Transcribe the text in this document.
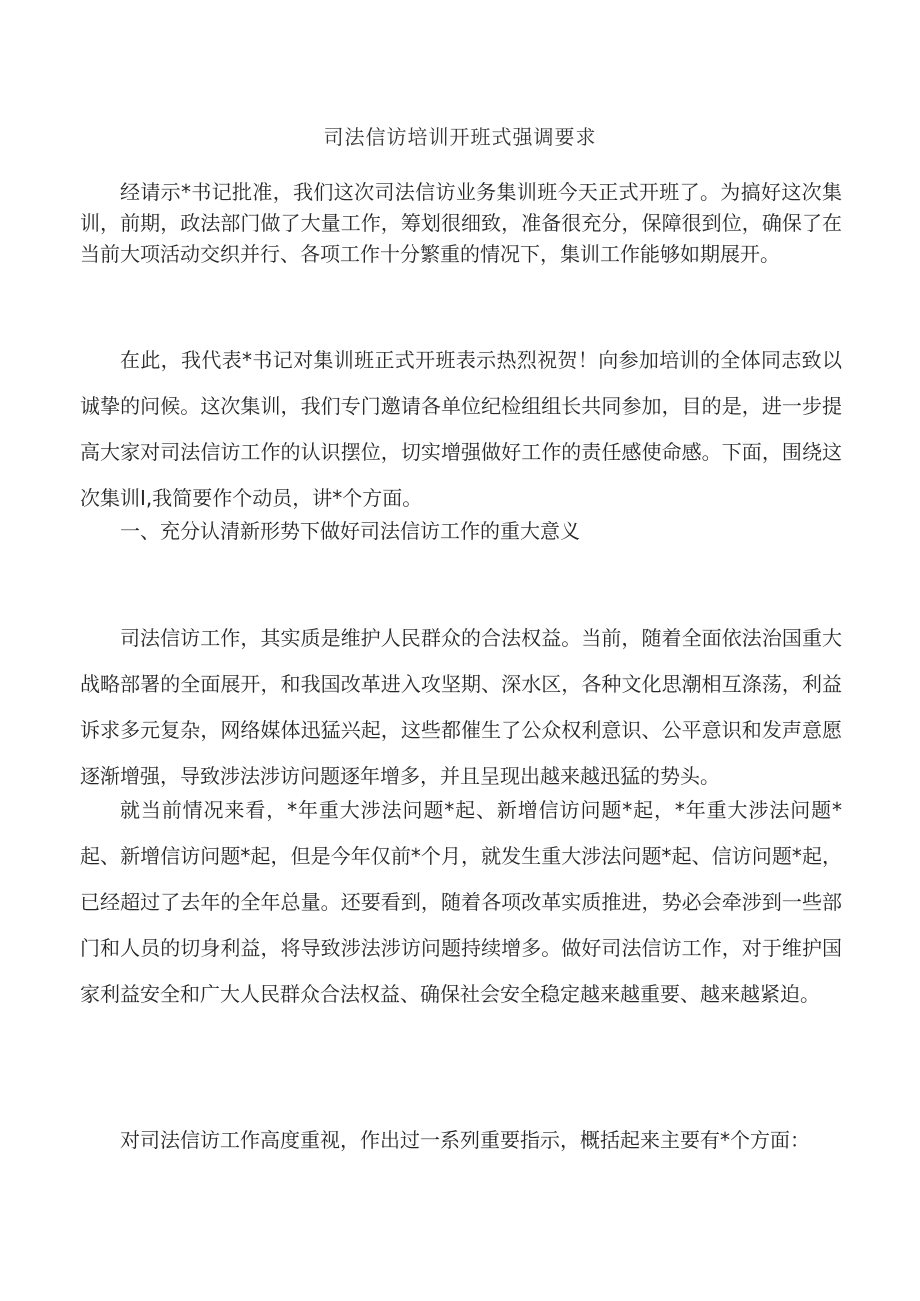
司法信访培训开班式强调要求

经请示*书记批准，我们这次司法信访业务集训班今天正式开班了。为搞好这次集训，前期，政法部门做了大量工作，筹划很细致，准备很充分，保障很到位，确保了在当前大项活动交织并行、各项工作十分繁重的情况下，集训工作能够如期展开。

在此，我代表*书记对集训班正式开班表示热烈祝贺！向参加培训的全体同志致以诚挚的问候。这次集训，我们专门邀请各单位纪检组组长共同参加，目的是，进一步提高大家对司法信访工作的认识摆位，切实增强做好工作的责任感使命感。下面，围绕这次集训I,我简要作个动员，讲*个方面。

一、充分认清新形势下做好司法信访工作的重大意义

司法信访工作，其实质是维护人民群众的合法权益。当前，随着全面依法治国重大战略部署的全面展开，和我国改革进入攻坚期、深水区，各种文化思潮相互涤荡，利益诉求多元复杂，网络媒体迅猛兴起，这些都催生了公众权利意识、公平意识和发声意愿逐渐增强，导致涉法涉访问题逐年增多，并且呈现出越来越迅猛的势头。

就当前情况来看，*年重大涉法问题*起、新增信访问题*起，*年重大涉法问题*起、新增信访问题*起，但是今年仅前*个月，就发生重大涉法问题*起、信访问题*起，已经超过了去年的全年总量。还要看到，随着各项改革实质推进，势必会牵涉到一些部门和人员的切身利益，将导致涉法涉访问题持续增多。做好司法信访工作，对于维护国家利益安全和广大人民群众合法权益、确保社会安全稳定越来越重要、越来越紧迫。

对司法信访工作高度重视，作出过一系列重要指示，概括起来主要有*个方面：
